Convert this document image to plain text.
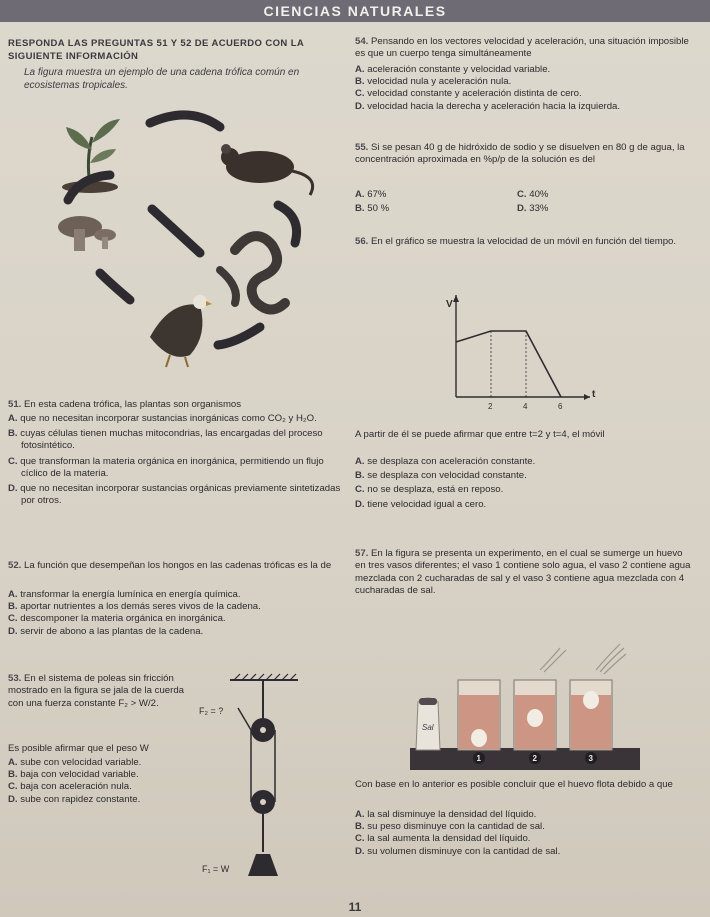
CIENCIAS NATURALES
RESPONDA LAS PREGUNTAS 51 Y 52 DE ACUERDO CON LA SIGUIENTE INFORMACIÓN
La figura muestra un ejemplo de una cadena trófica común en ecosistemas tropicales.
51. En esta cadena trófica, las plantas son organismos
A. que no necesitan incorporar sustancias inorgánicas como CO₂ y H₂O.
B. cuyas células tienen muchas mitocondrias, las encargadas del proceso fotosintético.
C. que transforman la materia orgánica en inorgánica, permitiendo un flujo cíclico de la materia.
D. que no necesitan incorporar sustancias orgánicas previamente sintetizadas por otros.
52. La función que desempeñan los hongos en las cadenas tróficas es la de
A. transformar la energía lumínica en energía química.
B. aportar nutrientes a los demás seres vivos de la cadena.
C. descomponer la materia orgánica en inorgánica.
D. servir de abono a las plantas de la cadena.
53. En el sistema de poleas sin fricción mostrado en la figura se jala de la cuerda con una fuerza constante F₂ > W/2.
Es posible afirmar que el peso W
A. sube con velocidad variable.
B. baja con velocidad variable.
C. baja con aceleración nula.
D. sube con rapidez constante.
F₂ = ?
F₁ = W
54. Pensando en los vectores velocidad y aceleración, una situación imposible es que un cuerpo tenga simultáneamente
A. aceleración constante y velocidad variable.
B. velocidad nula y aceleración nula.
C. velocidad constante y aceleración distinta de cero.
D. velocidad hacia la derecha y aceleración hacia la izquierda.
55. Si se pesan 40 g de hidróxido de sodio y se disuelven en 80 g de agua, la concentración aproximada en %p/p de la solución es del
A. 67%	C. 40%
B. 50 %	D. 33%
56. En el gráfico se muestra la velocidad de un móvil en función del tiempo.
V
t
2	4	6
A partir de él se puede afirmar que entre t=2 y t=4, el móvil
A. se desplaza con aceleración constante.
B. se desplaza con velocidad constante.
C. no se desplaza, está en reposo.
D. tiene velocidad igual a cero.
57. En la figura se presenta un experimento, en el cual se sumerge un huevo en tres vasos diferentes; el vaso 1 contiene solo agua, el vaso 2 contiene agua mezclada con 2 cucharadas de sal y el vaso 3 contiene agua mezclada con 4 cucharadas de sal.
Sal
1	2	3
Con base en lo anterior es posible concluir que el huevo flota debido a que
A. la sal disminuye la densidad del líquido.
B. su peso disminuye con la cantidad de sal.
C. la sal aumenta la densidad del líquido.
D. su volumen disminuye con la cantidad de sal.
11
